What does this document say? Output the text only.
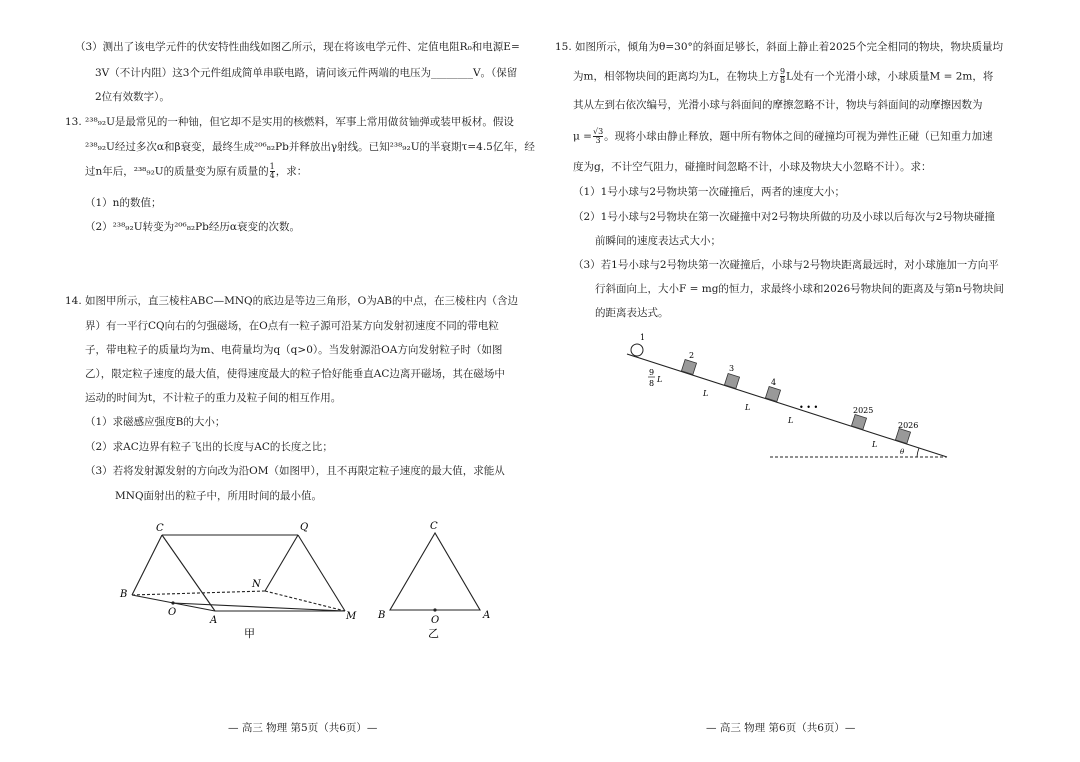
（3）测出了该电学元件的伏安特性曲线如图乙所示，现在将该电学元件、定值电阻R₀和电源E=
3V（不计内阻）这3个元件组成简单串联电路，请问该元件两端的电压为________V。（保留
2位有效数字）。
13. ²³⁸₉₂U是最常见的一种铀，但它却不是实用的核燃料，军事上常用做贫铀弹或装甲板材。假设
²³⁸₉₂U经过多次α和β衰变，最终生成²⁰⁶₈₂Pb并释放出γ射线。已知²³⁸₉₂U的半衰期τ=4.5亿年，经
过n年后，²³⁸₉₂U的质量变为原有质量的 $\frac{1}{4}$ ，求：
（1）n的数值；
（2）²³⁸₉₂U转变为²⁰⁶₈₂Pb经历α衰变的次数。
14. 如图甲所示，直三棱柱ABC—MNQ的底边是等边三角形，O为AB的中点，在三棱柱内（含边
界）有一平行CQ向右的匀强磁场，在O点有一粒子源可沿某方向发射初速度不同的带电粒
子，带电粒子的质量均为m、电荷量均为q（q>0）。当发射源沿OA方向发射粒子时（如图
乙），限定粒子速度的最大值，使得速度最大的粒子恰好能垂直AC边离开磁场，其在磁场中
运动的时间为t，不计粒子的重力及粒子间的相互作用。
（1）求磁感应强度B的大小；
（2）求AC边界有粒子飞出的长度与AC的长度之比；
（3）若将发射源发射的方向改为沿OM（如图甲），且不再限定粒子速度的最大值，求能从
MNQ面射出的粒子中，所用时间的最小值。
C	Q
N
B
O
A	M
甲
C
B	O	A
乙
— 高三 物理 第5页（共6页）—
15. 如图所示，倾角为θ=30°的斜面足够长，斜面上静止着2025个完全相同的物块，物块质量均
为m，相邻物块间的距离均为L，在物块上方 $\frac{9}{8}$ L处有一个光滑小球，小球质量M = 2m，将
其从左到右依次编号，光滑小球与斜面间的摩擦忽略不计，物块与斜面间的动摩擦因数为
$\mu = \frac{√3}{3}$ 。现将小球由静止释放，题中所有物体之间的碰撞均可视为弹性正碰（已知重力加速
度为g，不计空气阻力，碰撞时间忽略不计，小球及物块大小忽略不计）。求：
（1）1号小球与2号物块第一次碰撞后，两者的速度大小；
（2）1号小球与2号物块在第一次碰撞中对2号物块所做的功及小球以后每次与2号物块碰撞
前瞬间的速度表达式大小；
（3）若1号小球与2号物块第一次碰撞后，小球与2号物块距离最远时，对小球施加一方向平
行斜面向上，大小F = mg的恒力，求最终小球和2026号物块间的距离及与第n号物块间
的距离表达式。
1
2
3
4
2025
2026
9
8 L
L
L
L
• • •
L
θ
— 高三 物理 第6页（共6页）—
